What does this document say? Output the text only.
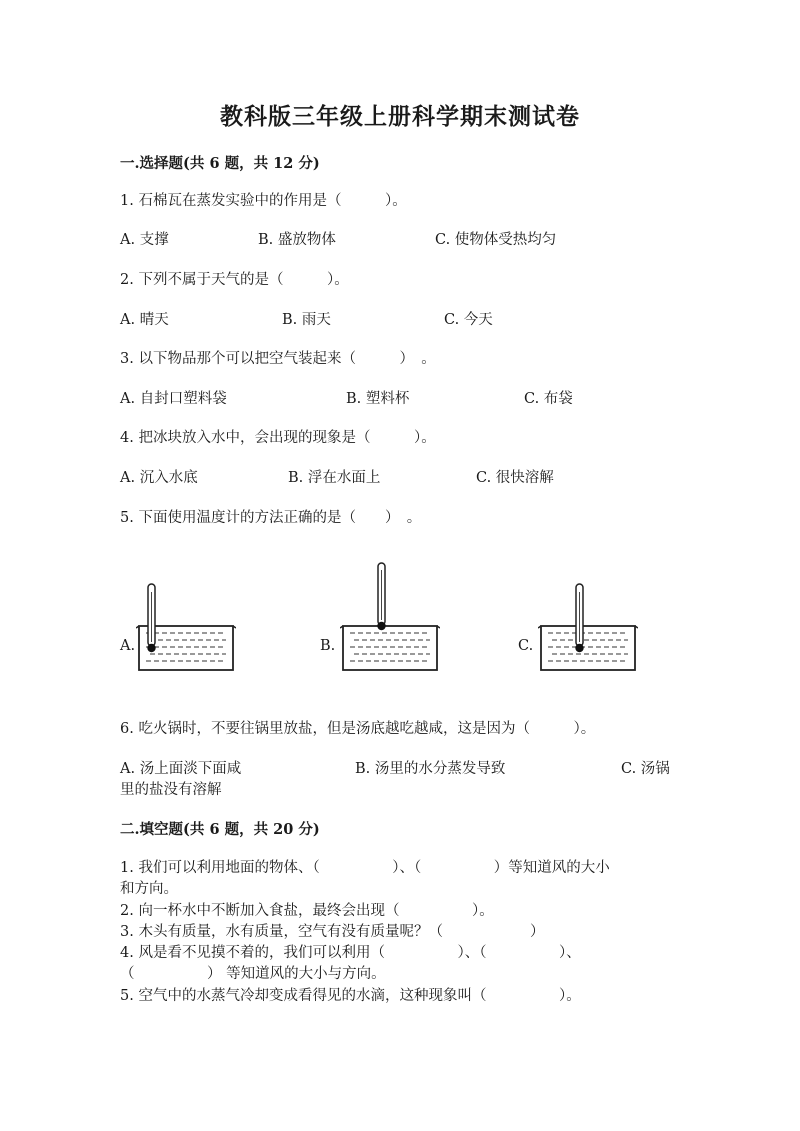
教科版三年级上册科学期末测试卷
一.选择题(共 6 题，共 12 分)
1. 石棉瓦在蒸发实验中的作用是（　　　）。
A. 支撑	B. 盛放物体	C. 使物体受热均匀
2. 下列不属于天气的是（　　　）。
A. 晴天	B. 雨天	C. 今天
3. 以下物品那个可以把空气装起来（　　　）　。
A. 自封口塑料袋	B. 塑料杯	C. 布袋
4. 把冰块放入水中，会出现的现象是（　　　）。
A. 沉入水底	B. 浮在水面上	C. 很快溶解
5. 下面使用温度计的方法正确的是（　　）　。
A.	B.	C.
6. 吃火锅时，不要往锅里放盐，但是汤底越吃越咸，这是因为（　　　）。
A. 汤上面淡下面咸	B. 汤里的水分蒸发导致	C. 汤锅
里的盐没有溶解
二.填空题(共 6 题，共 20 分)
1. 我们可以利用地面的物体、（　　　　　）、（　　　　　）等知道风的大小
和方向。
2. 向一杯水中不断加入食盐，最终会出现（　　　　　）。
3. 木头有质量，水有质量，空气有没有质量呢？（　　　　　　）
4. 风是看不见摸不着的，我们可以利用（　　　　　）、（　　　　　）、
（　　　　　） 等知道风的大小与方向。
5. 空气中的水蒸气冷却变成看得见的水滴，这种现象叫（　　　　　）。
